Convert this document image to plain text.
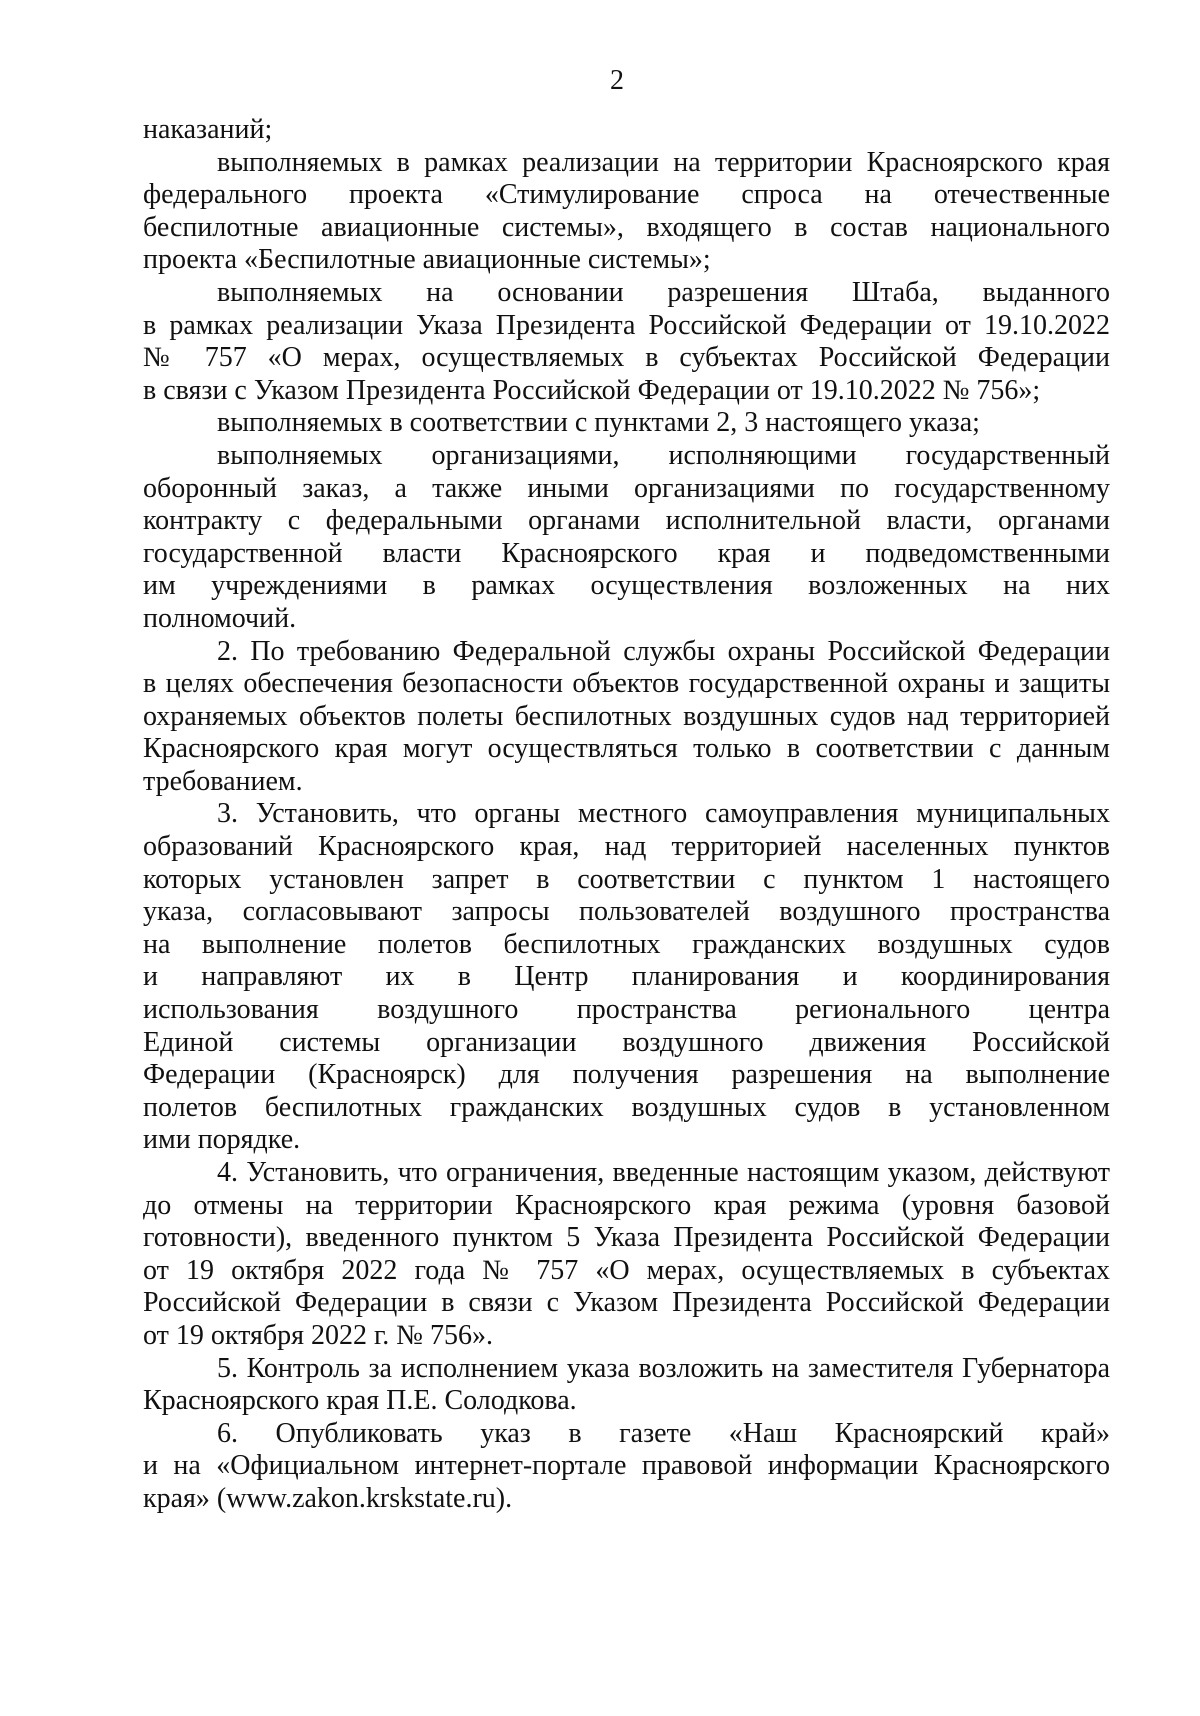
2
наказаний;
выполняемых в рамках реализации на территории Красноярского края
федерального проекта «Стимулирование спроса на отечественные
беспилотные авиационные системы», входящего в состав национального
проекта «Беспилотные авиационные системы»;
выполняемых на основании разрешения Штаба, выданного
в рамках реализации Указа Президента Российской Федерации от 19.10.2022
№ 757 «О мерах, осуществляемых в субъектах Российской Федерации
в связи с Указом Президента Российской Федерации от 19.10.2022 № 756»;
выполняемых в соответствии с пунктами 2, 3 настоящего указа;
выполняемых организациями, исполняющими государственный
оборонный заказ, а также иными организациями по государственному
контракту с федеральными органами исполнительной власти, органами
государственной власти Красноярского края и подведомственными
им учреждениями в рамках осуществления возложенных на них
полномочий.
2. По требованию Федеральной службы охраны Российской Федерации
в целях обеспечения безопасности объектов государственной охраны и защиты
охраняемых объектов полеты беспилотных воздушных судов над территорией
Красноярского края могут осуществляться только в соответствии с данным
требованием.
3. Установить, что органы местного самоуправления муниципальных
образований Красноярского края, над территорией населенных пунктов
которых установлен запрет в соответствии с пунктом 1 настоящего
указа, согласовывают запросы пользователей воздушного пространства
на выполнение полетов беспилотных гражданских воздушных судов
и направляют их в Центр планирования и координирования
использования воздушного пространства регионального центра
Единой системы организации воздушного движения Российской
Федерации (Красноярск) для получения разрешения на выполнение
полетов беспилотных гражданских воздушных судов в установленном
ими порядке.
4. Установить, что ограничения, введенные настоящим указом, действуют
до отмены на территории Красноярского края режима (уровня базовой
готовности), введенного пунктом 5 Указа Президента Российской Федерации
от 19 октября 2022 года № 757 «О мерах, осуществляемых в субъектах
Российской Федерации в связи с Указом Президента Российской Федерации
от 19 октября 2022 г. № 756».
5. Контроль за исполнением указа возложить на заместителя Губернатора
Красноярского края П.Е. Солодкова.
6. Опубликовать указ в газете «Наш Красноярский край»
и на «Официальном интернет-портале правовой информации Красноярского
края» (www.zakon.krskstate.ru).
